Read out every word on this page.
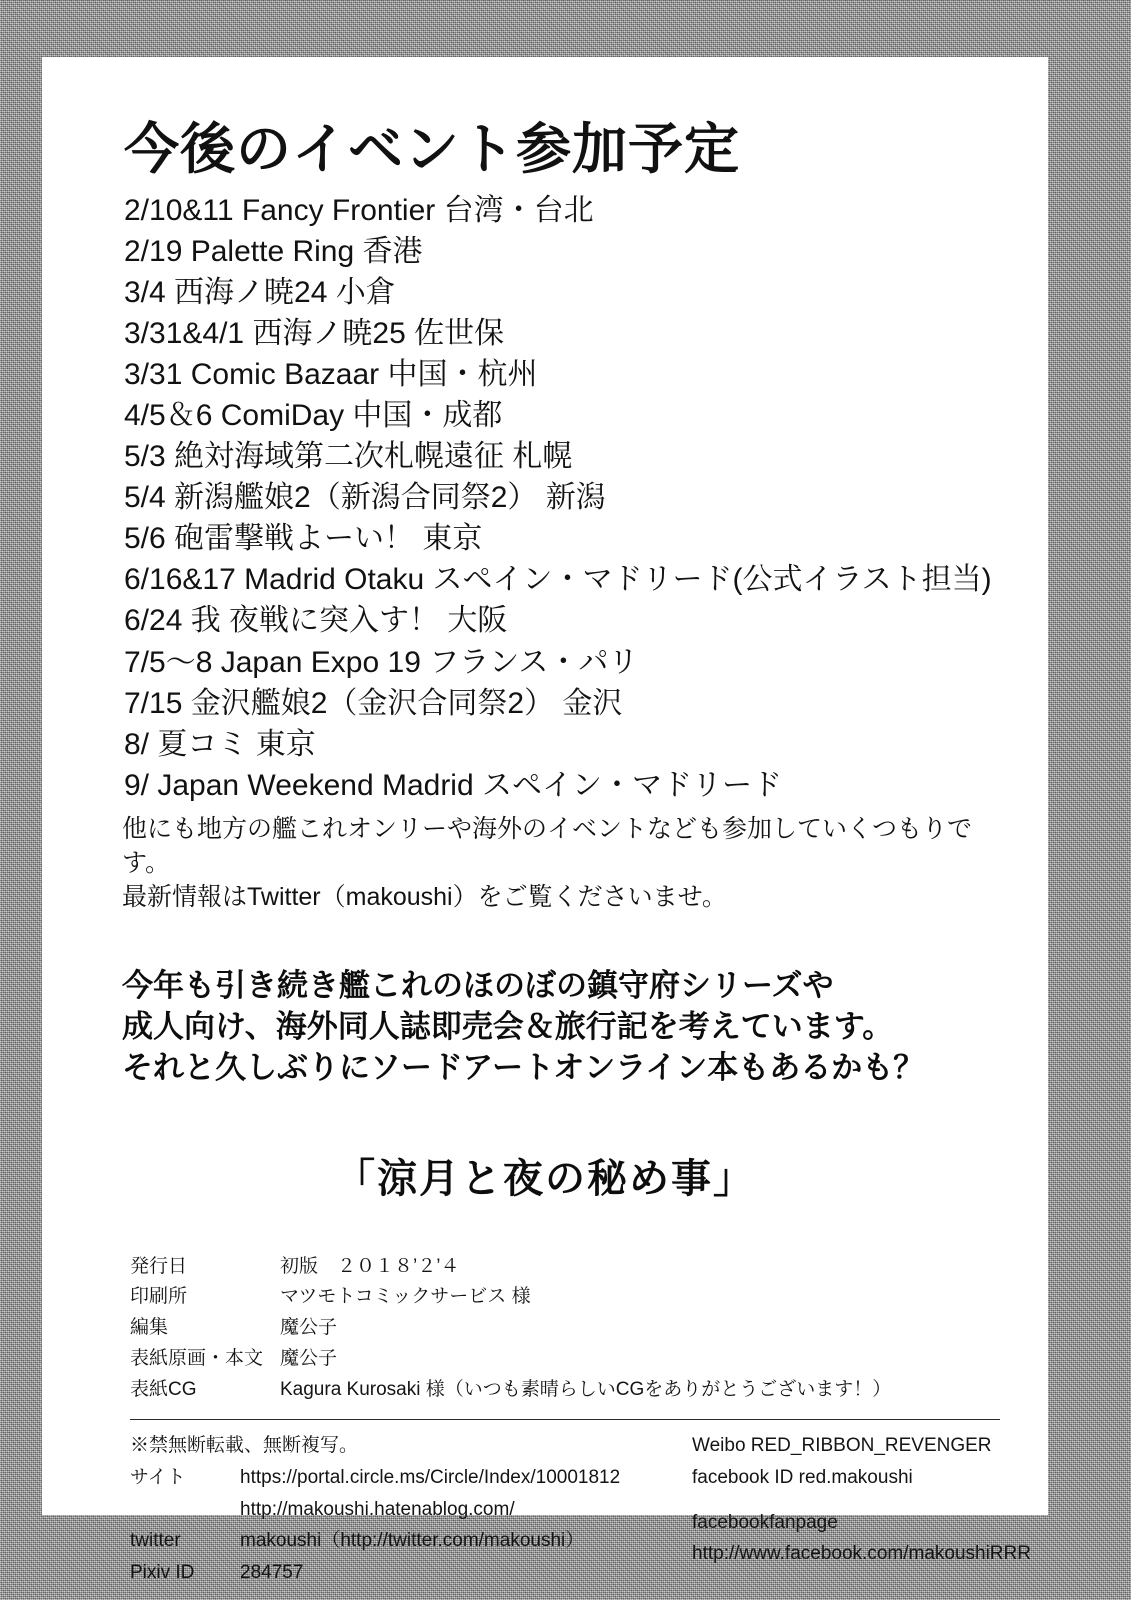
今後のイベント参加予定
2/10&11 Fancy Frontier 台湾・台北
2/19 Palette Ring 香港
3/4 西海ノ暁24 小倉
3/31&4/1 西海ノ暁25 佐世保
3/31 Comic Bazaar 中国・杭州
4/5＆6 ComiDay 中国・成都
5/3 絶対海域第二次札幌遠征 札幌
5/4 新潟艦娘2（新潟合同祭2） 新潟
5/6 砲雷撃戦よーい！ 東京
6/16&17 Madrid Otaku スペイン・マドリード(公式イラスト担当)
6/24 我 夜戦に突入す！ 大阪
7/5〜8 Japan Expo 19 フランス・パリ
7/15 金沢艦娘2（金沢合同祭2） 金沢
8/ 夏コミ 東京
9/ Japan Weekend Madrid スペイン・マドリード
他にも地方の艦これオンリーや海外のイベントなども参加していくつもりです。
最新情報はTwitter（makoushi）をご覧くださいませ。
今年も引き続き艦これのほのぼの鎮守府シリーズや
成人向け、海外同人誌即売会＆旅行記を考えています。
それと久しぶりにソードアートオンライン本もあるかも？
「涼月と夜の秘め事」
発行日	初版　２０１８’２’４
印刷所	マツモトコミックサービス 様
編集	魔公子
表紙原画・本文 魔公子
表紙CG	Kagura Kurosaki 様（いつも素晴らしいCGをありがとうございます！）
※禁無断転載、無断複写。
サイト	https://portal.circle.ms/Circle/Index/10001812
http://makoushi.hatenablog.com/
twitter	makoushi（http://twitter.com/makoushi）
Pixiv ID	284757
Weibo RED_RIBBON_REVENGER
facebook ID red.makoushi
facebookfanpage
http://www.facebook.com/makoushiRRR
